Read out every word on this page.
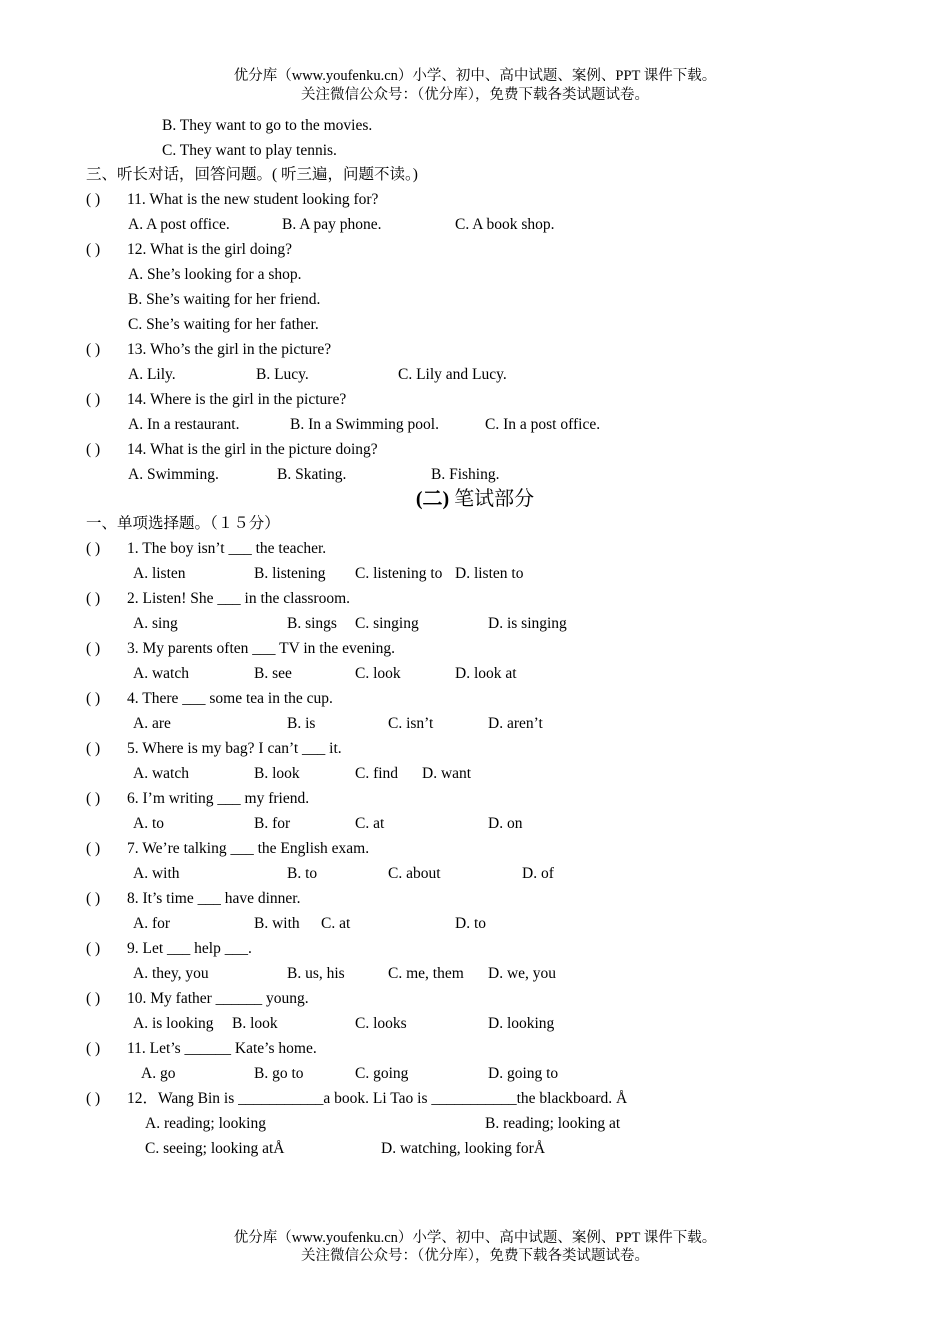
优分库（www.youfenku.cn）小学、初中、高中试题、案例、PPT 课件下载。
关注微信公众号：（优分库），免费下载各类试题试卷。
B. They want to go to the movies.
C. They want to play tennis.
三、听长对话，回答问题。( 听三遍，问题不读。)
( ) 11. What is the new student looking for?
A. A post office.	B. A pay phone.	C. A book shop.
( ) 12. What is the girl doing?
A. She’s looking for a shop.
B. She’s waiting for her friend.
C. She’s waiting for her father.
( ) 13. Who’s the girl in the picture?
A. Lily.	B. Lucy.	C. Lily and Lucy.
( ) 14. Where is the girl in the picture?
A. In a restaurant.	B. In a Swimming pool.	C. In a post office.
( ) 14. What is the girl in the picture doing?
A. Swimming.	B. Skating.	B. Fishing.
(二) 笔试部分
一、单项选择题。（１５分）
( ) 1. The boy isn’t ___ the teacher.
A. listen	B. listening C. listening to D. listen to
( ) 2. Listen! She ___ in the classroom.
A. sing	B. sings C. singing	D. is singing
( ) 3. My parents often ___ TV in the evening.
A. watch	B. see	C. look	D. look at
( ) 4. There ___ some tea in the cup.
A. are	B. is	C. isn’t	D. aren’t
( ) 5. Where is my bag? I can’t ___ it.
A. watch	B. look	C. find D. want
( ) 6. I’m writing ___ my friend.
A. to	B. for	C. at	D. on
( ) 7. We’re talking ___ the English exam.
A. with	B. to	C. about	D. of
( ) 8. It’s time ___ have dinner.
A. for	B. with C. at	D. to
( ) 9. Let ___ help ___.
A. they, you	B. us, his	C. me, them D. we, you
( ) 10. My father ______ young.
A. is looking B. look	C. looks	D. looking
( ) 11. Let’s ______ Kate’s home.
A. go	B. go to	C. going	D. going to
( ) 12．Wang Bin is ___________a book. Li Tao is ___________the blackboard. Å
A. reading; looking	B. reading; looking at
C. seeing; looking atÅ	D. watching, looking forÅ
优分库（www.youfenku.cn）小学、初中、高中试题、案例、PPT 课件下载。
关注微信公众号：（优分库），免费下载各类试题试卷。
